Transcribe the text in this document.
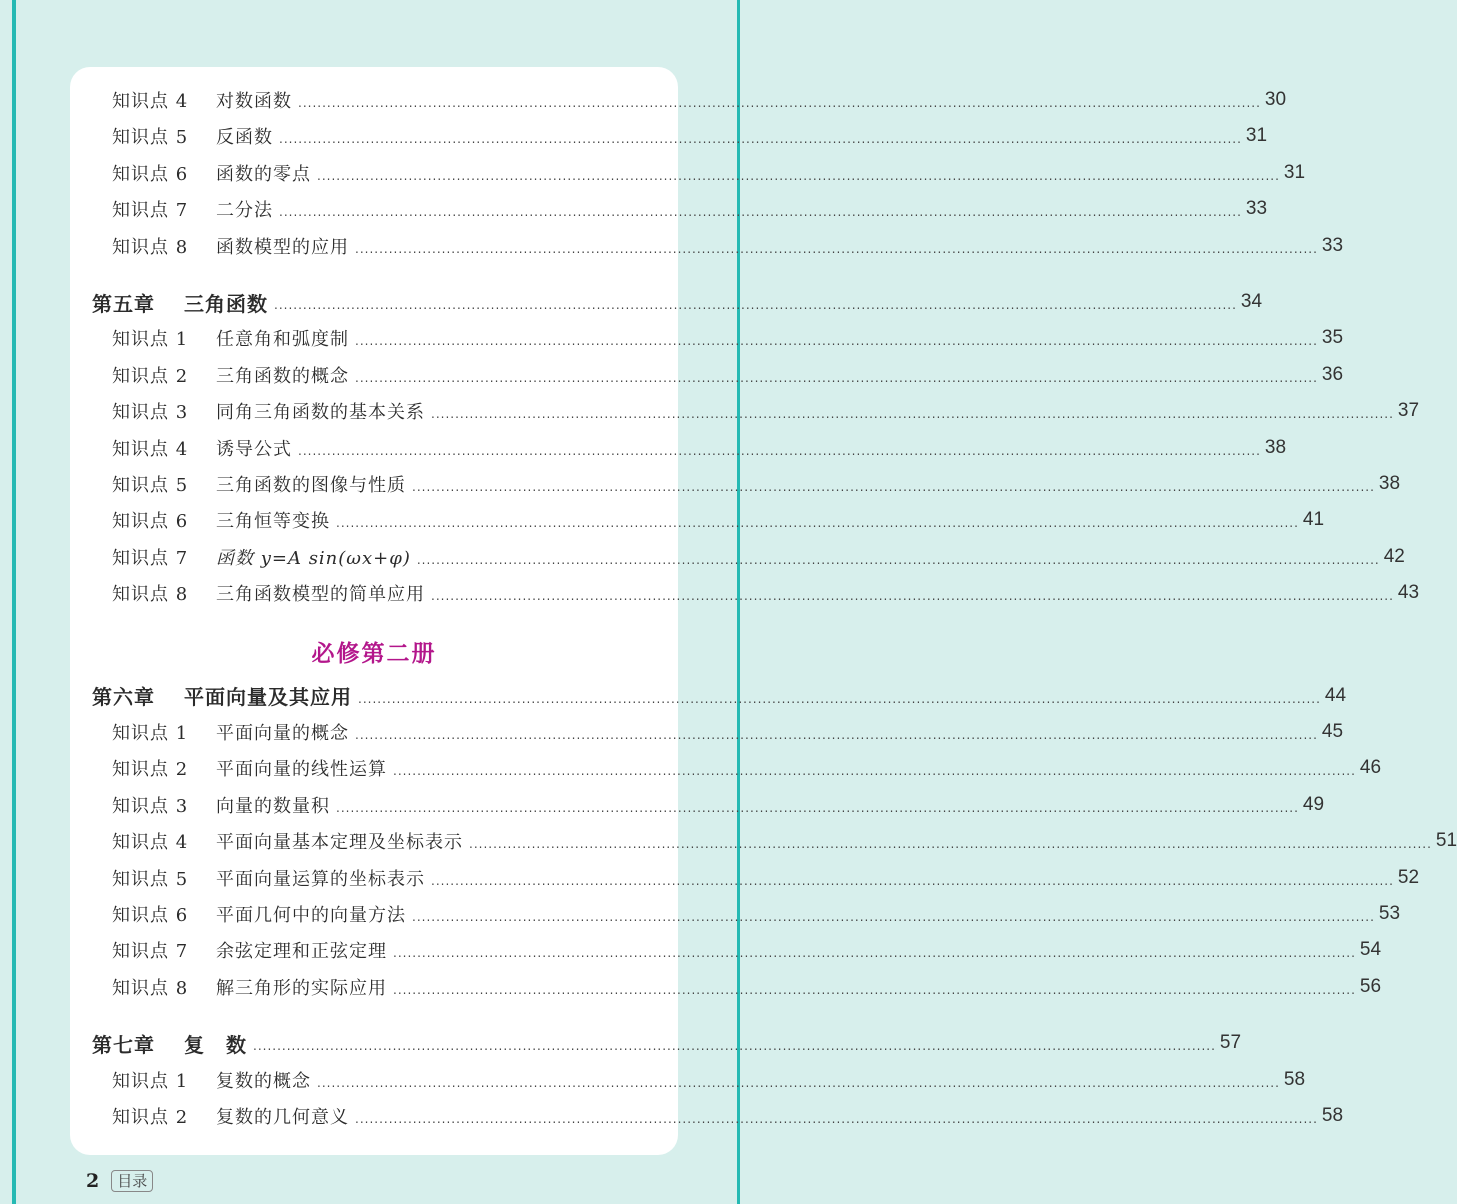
知识点 4 对数函数 ........................................................................................................................................................................................................ 30
知识点 5 反函数 ........................................................................................................................................................................................................ 31
知识点 6 函数的零点 ........................................................................................................................................................................................................ 31
知识点 7 二分法 ........................................................................................................................................................................................................ 33
知识点 8 函数模型的应用 ........................................................................................................................................................................................................ 33
第五章 三角函数 ........................................................................................................................................................................................................ 34
知识点 1 任意角和弧度制 ........................................................................................................................................................................................................ 35
知识点 2 三角函数的概念 ........................................................................................................................................................................................................ 36
知识点 3 同角三角函数的基本关系 ........................................................................................................................................................................................................ 37
知识点 4 诱导公式 ........................................................................................................................................................................................................ 38
知识点 5 三角函数的图像与性质 ........................................................................................................................................................................................................ 38
知识点 6 三角恒等变换 ........................................................................................................................................................................................................ 41
知识点 7 函数 y=A sin(ωx+φ) ........................................................................................................................................................................................................ 42
知识点 8 三角函数模型的简单应用 ........................................................................................................................................................................................................ 43
必修第二册
第六章 平面向量及其应用 ........................................................................................................................................................................................................ 44
知识点 1 平面向量的概念 ........................................................................................................................................................................................................ 45
知识点 2 平面向量的线性运算 ........................................................................................................................................................................................................ 46
知识点 3 向量的数量积 ........................................................................................................................................................................................................ 49
知识点 4 平面向量基本定理及坐标表示 ........................................................................................................................................................................................................ 51
知识点 5 平面向量运算的坐标表示 ........................................................................................................................................................................................................ 52
知识点 6 平面几何中的向量方法 ........................................................................................................................................................................................................ 53
知识点 7 余弦定理和正弦定理 ........................................................................................................................................................................................................ 54
知识点 8 解三角形的实际应用 ........................................................................................................................................................................................................ 56
第七章 复　数 ........................................................................................................................................................................................................ 57
知识点 1 复数的概念 ........................................................................................................................................................................................................ 58
知识点 2 复数的几何意义 ........................................................................................................................................................................................................ 58
2	目录
